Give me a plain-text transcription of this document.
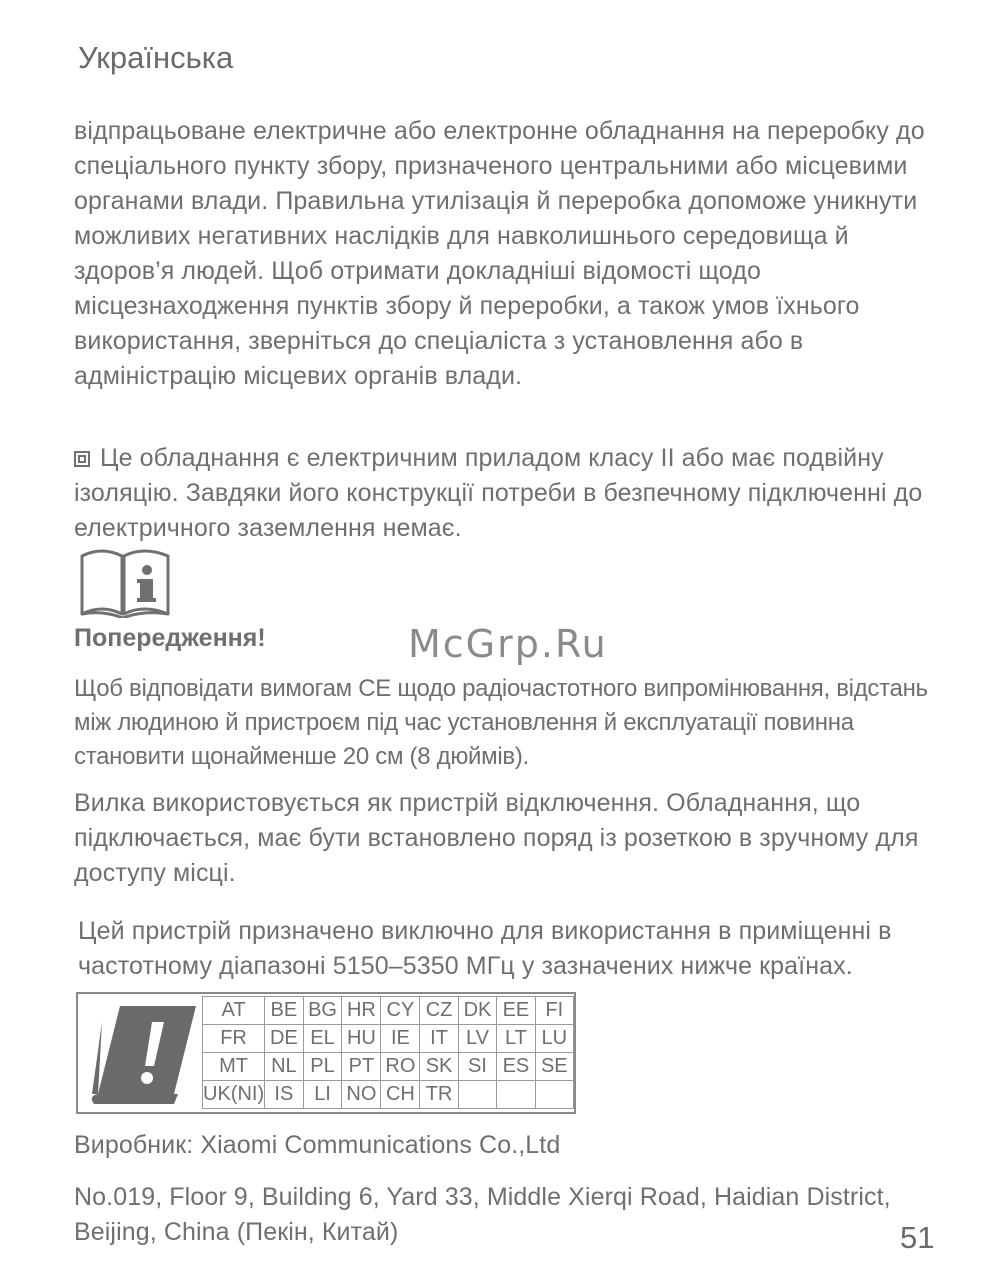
Українська

відпрацьоване електричне або електронне обладнання на переробку до спеціального пункту збору, призначеного центральними або місцевими органами влади. Правильна утилізація й переробка допоможе уникнути можливих негативних наслідків для навколишнього середовища й здоров’я людей. Щоб отримати докладніші відомості щодо місцезнаходження пунктів збору й переробки, а також умов їхнього використання, зверніться до спеціаліста з установлення або в адміністрацію місцевих органів влади.

Це обладнання є електричним приладом класу II або має подвійну ізоляцію. Завдяки його конструкції потреби в безпечному підключенні до електричного заземлення немає.

Попередження!	McGrp.Ru

Щоб відповідати вимогам CE щодо радіочастотного випромінювання, відстань між людиною й пристроєм під час установлення й експлуатації повинна становити щонайменше 20 см (8 дюймів).

Вилка використовується як пристрій відключення. Обладнання, що підключається, має бути встановлено поряд із розеткою в зручному для доступу місці.

Цей пристрій призначено виключно для використання в приміщенні в частотному діапазоні 5150–5350 МГц у зазначених нижче країнах.

AT	BE	BG	HR	CY	CZ	DK	EE	FI
FR	DE	EL	HU	IE	IT	LV	LT	LU
MT	NL	PL	PT	RO	SK	SI	ES	SE
UK(NI)	IS	LI	NO	CH	TR			

Виробник: Xiaomi Communications Co.,Ltd

No.019, Floor 9, Building 6, Yard 33, Middle Xierqi Road, Haidian District, Beijing, China (Пекін, Китай)	51
